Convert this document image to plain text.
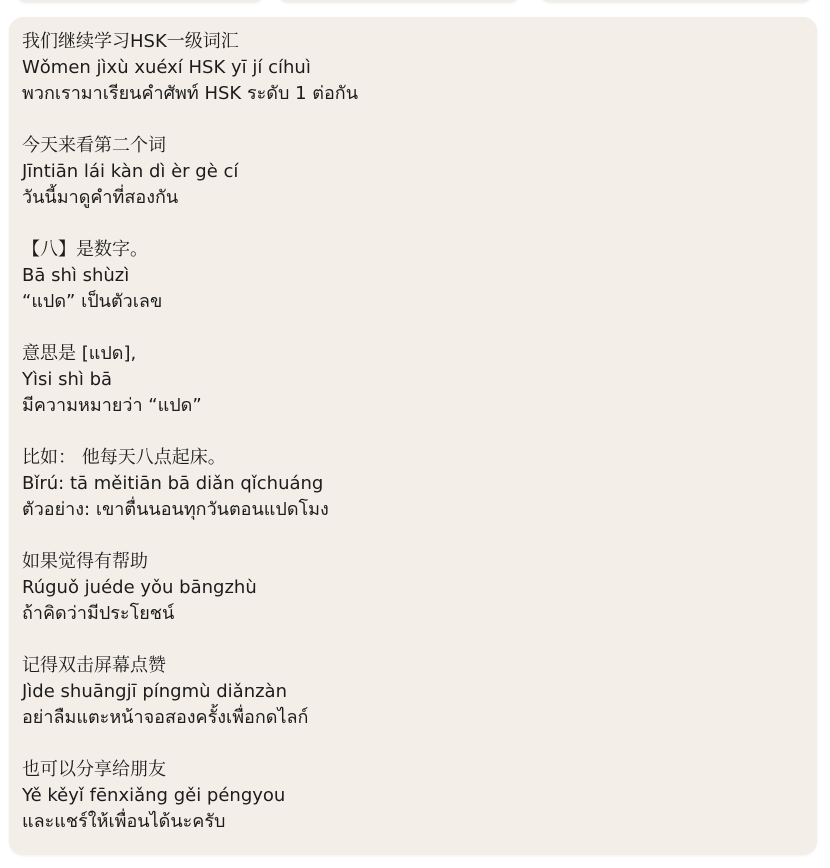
我们继续学习HSK一级词汇
Wǒmen jìxù xuéxí HSK yī jí cíhuì
พวกเรามาเรียนคำศัพท์ HSK ระดับ 1 ต่อกัน
今天来看第二个词
Jīntiān lái kàn dì èr gè cí
วันนี้มาดูคำที่สองกัน
【八】是数字。
Bā shì shùzì
“แปด” เป็นตัวเลข
意思是 [แปด],
Yìsi shì bā
มีความหมายว่า “แปด”
比如： 他每天八点起床。
Bǐrú: tā měitiān bā diǎn qǐchuáng
ตัวอย่าง: เขาตื่นนอนทุกวันตอนแปดโมง
如果觉得有帮助
Rúguǒ juéde yǒu bāngzhù
ถ้าคิดว่ามีประโยชน์
记得双击屏幕点赞
Jìde shuāngjī píngmù diǎnzàn
อย่าลืมแตะหน้าจอสองครั้งเพื่อกดไลก์
也可以分享给朋友
Yě kěyǐ fēnxiǎng gěi péngyou
และแชร์ให้เพื่อนได้นะครับ
